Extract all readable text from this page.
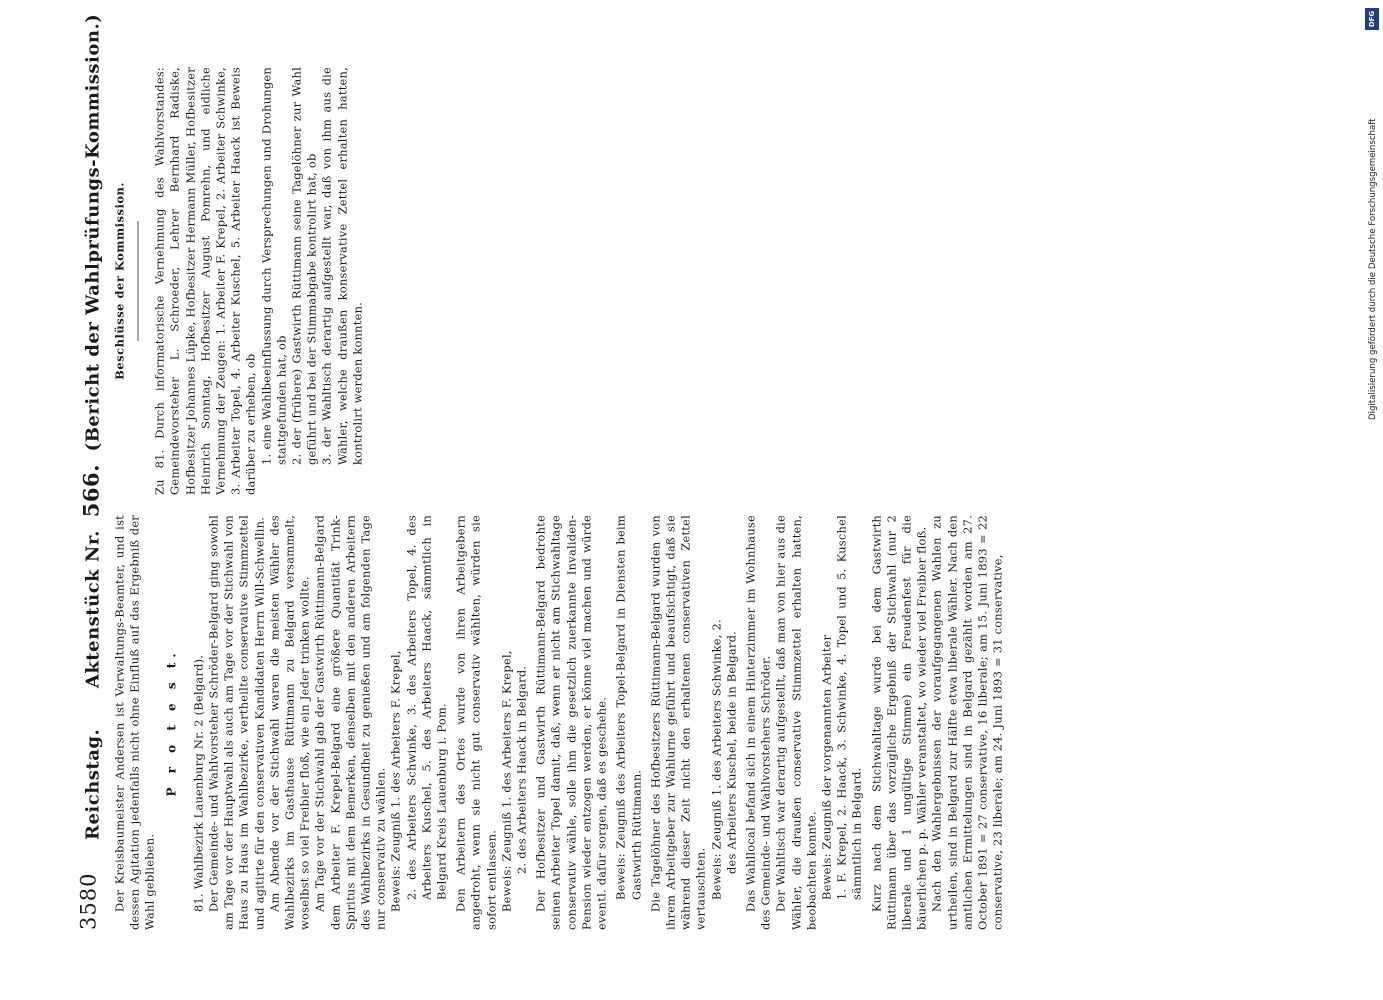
3580
Reichstag.      Aktenstück Nr. 566. (Bericht der Wahlprüfungs-Kommission.)

Der Kreisbaumeister Andersen ist Verwaltungs-Beamter, und ist dessen Agitation jedenfalls nicht ohne Einfluß auf das Ergebniß der Wahl geblieben.

P r o t e s t. 81. Wahlbezirk Lauenburg Nr. 2 (Belgard). Der Gemeinde- und Wahlvorsteher Schröder-Belgard ging sowohl am Tage vor der Hauptwahl als auch am Tage vor der Stichwahl von Haus zu Haus im Wahlbezirke, vertheilte conservative Stimmzettel und agitirte für den conservativen Kandidaten Herrn Will-Schwellin. Am Abende vor der Stichwahl waren die meisten Wähler des Wahlbezirks im Gasthause Rüttimann zu Belgard versammelt, woselbst so viel Freibier floß, wie ein Jeder trinken wollte. Am Tage vor der Stichwahl gab der Gastwirth Rüttimann-Belgard dem Arbeiter F. Krepel-Belgard eine größere Quantität Trink-Spiritus mit dem Bemerken, denselben mit den anderen Arbeitern des Wahlbezirks in Gesundheit zu genießen und am folgenden Tage nur conservativ zu wählen. Beweis: Zeugniß 1. des Arbeiters F. Krepel, 2. des Arbeiters Schwinke, 3. des Arbeiters Topel, 4. des Arbeiters Kuschel, 5. des Arbeiters Haack, sämmtlich in Belgard Kreis Lauenburg i. Pom. Den Arbeitern des Ortes wurde von ihren Arbeitgebern angedroht, wenn sie nicht gut conservativ wählten, würden sie sofort entlassen. Beweis: Zeugniß 1. des Arbeiters F. Krepel, 2. des Arbeiters Haack in Belgard. Der Hofbesitzer und Gastwirth Rüttimann-Belgard bedrohte seinen Arbeiter Topel damit, daß, wenn er nicht am Stichwahltage conservativ wähle, solle ihm die gesetzlich zuerkannte Invaliden-Pension wieder entzogen werden, er könne viel machen und würde eventl. dafür sorgen, daß es geschehe. Beweis: Zeugniß des Arbeiters Topel-Belgard in Diensten beim Gastwirth Rüttimann. Die Tagelöhner des Hofbesitzers Rüttimann-Belgard wurden von ihrem Arbeitgeber zur Wahlurne geführt und beaufsichtigt, daß sie während dieser Zeit nicht den erhaltenen conservativen Zettel vertauschten. Beweis: Zeugniß 1. des Arbeiters Schwinke, 2. des Arbeiters Kuschel, beide in Belgard. Das Wahllocal befand sich in einem Hinterzimmer im Wohnhause des Gemeinde- und Wahlvorstehers Schröder. Der Wahltisch war derartig aufgestellt, daß man von hier aus die Wähler, die draußen conservative Stimmzettel erhalten hatten, beobachten konnte. Beweis: Zeugniß der vorgenannten Arbeiter 1. F. Krepel, 2. Haack, 3. Schwinke, 4. Topel und 5. Kuschel sämmtlich in Belgard. Kurz nach dem Stichwahltage wurde bei dem Gastwirth Rüttimann über das vorzügliche Ergebniß der Stichwahl (nur 2 liberale und 1 ungültige Stimme) ein Freudenfest für die bäuerlichen p. p. Wähler veranstaltet, wo wieder viel Freibier floß. Nach den Wahlergebnissen der voraufgegangenen Wahlen zu urtheilen, sind in Belgard zur Hälfte etwa liberale Wähler. Nach den amtlichen Ermittelungen sind in Belgard gezählt worden am 27. October 1891 = 27 conservative, 16 liberale; am 15. Juni 1893 = 22 conservative, 23 liberale; am 24. Juni 1893 = 31 conservative,

Beschlüsse der Kommission. Zu 81. Durch informatorische Vernehmung des Wahlvorstandes: Gemeindevorsteher L. Schroeder, Lehrer Bernhard Radiske, Hofbesitzer Johannes Lüpke, Hofbesitzer Hermann Müller, Hofbesitzer Heinrich Sonntag, Hofbesitzer August Pomrehn, und eidliche Vernehmung der Zeugen: 1. Arbeiter F. Krepel, 2. Arbeiter Schwinke, 3. Arbeiter Topel, 4. Arbeiter Kuschel, 5. Arbeiter Haack ist Beweis darüber zu erheben, ob 1. eine Wahlbeeinflussung durch Versprechungen und Drohungen stattgefunden hat, ob 2. der (frühere) Gastwirth Rüttimann seine Tagelöhner zur Wahl geführt und bei der Stimmabgabe kontrolirt hat, ob 3. der Wahltisch derartig aufgestellt war, daß von ihm aus die Wähler, welche draußen konservative Zettel erhalten hatten, kontrolirt werden konnten.

DFG
Digitalisierung gefördert durch die Deutsche Forschungsgemeinschaft
